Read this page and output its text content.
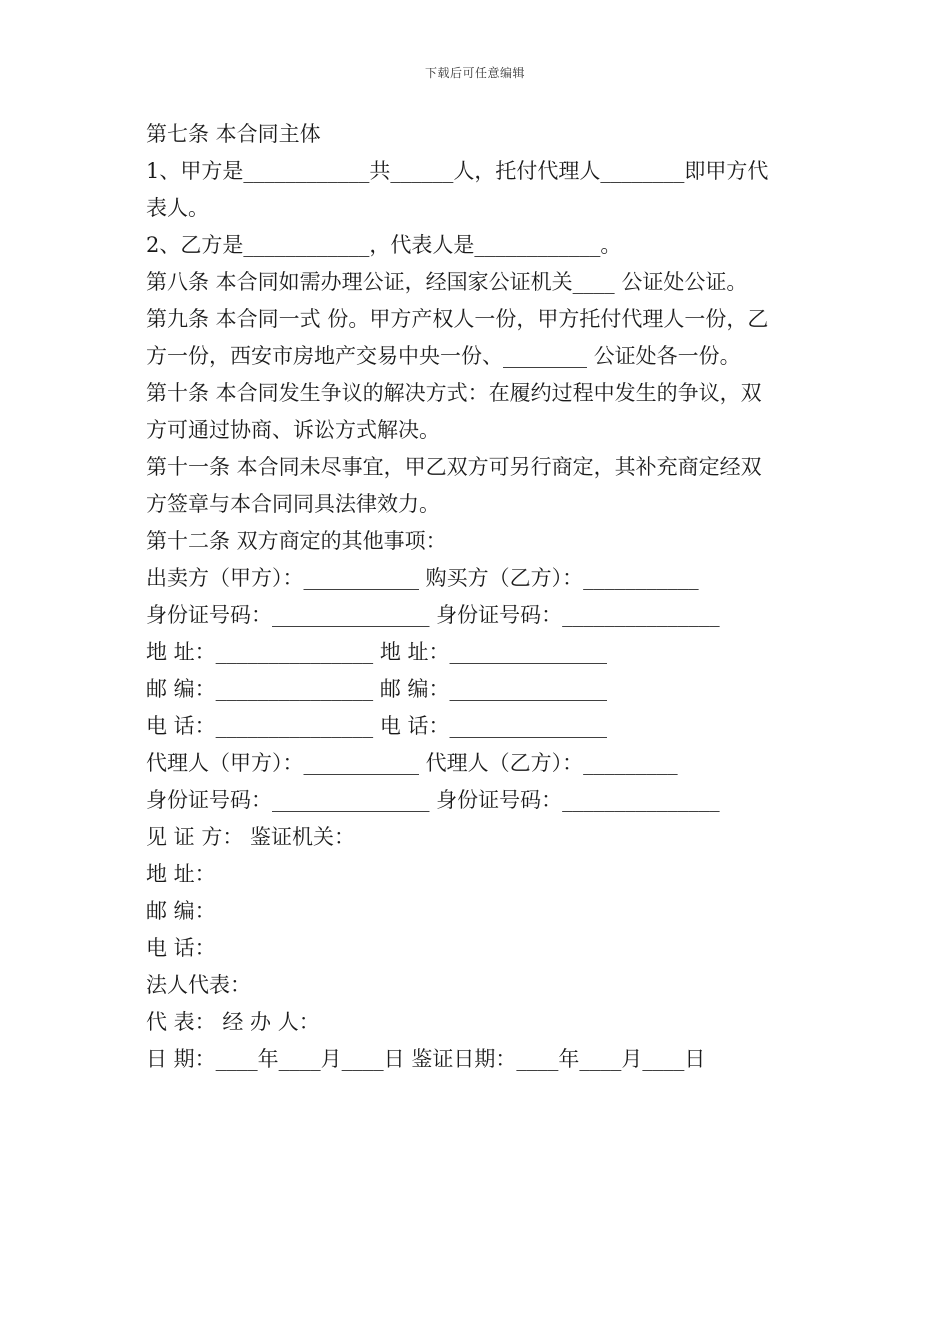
下载后可任意编辑

第七条 本合同主体

1、甲方是____________共______人，托付代理人________即甲方代

表人。

2、乙方是____________，代表人是____________。

第八条 本合同如需办理公证，经国家公证机关____ 公证处公证。

第九条 本合同一式 份。甲方产权人一份，甲方托付代理人一份，乙

方一份，西安市房地产交易中央一份、________ 公证处各一份。

第十条 本合同发生争议的解决方式：在履约过程中发生的争议，双

方可通过协商、诉讼方式解决。

第十一条 本合同未尽事宜，甲乙双方可另行商定，其补充商定经双

方签章与本合同同具法律效力。

第十二条 双方商定的其他事项：

出卖方（甲方）：___________ 购买方（乙方）：___________

身份证号码：_______________ 身份证号码：_______________

地 址：_______________ 地 址：_______________

邮 编：_______________ 邮 编：_______________

电 话：_______________ 电 话：_______________

代理人（甲方）：___________ 代理人（乙方）：_________

身份证号码：_______________ 身份证号码：_______________

见 证 方： 鉴证机关：

地 址：

邮 编：

电 话：

法人代表：

代 表： 经 办 人：

日 期：____年____月____日 鉴证日期：____年____月____日
